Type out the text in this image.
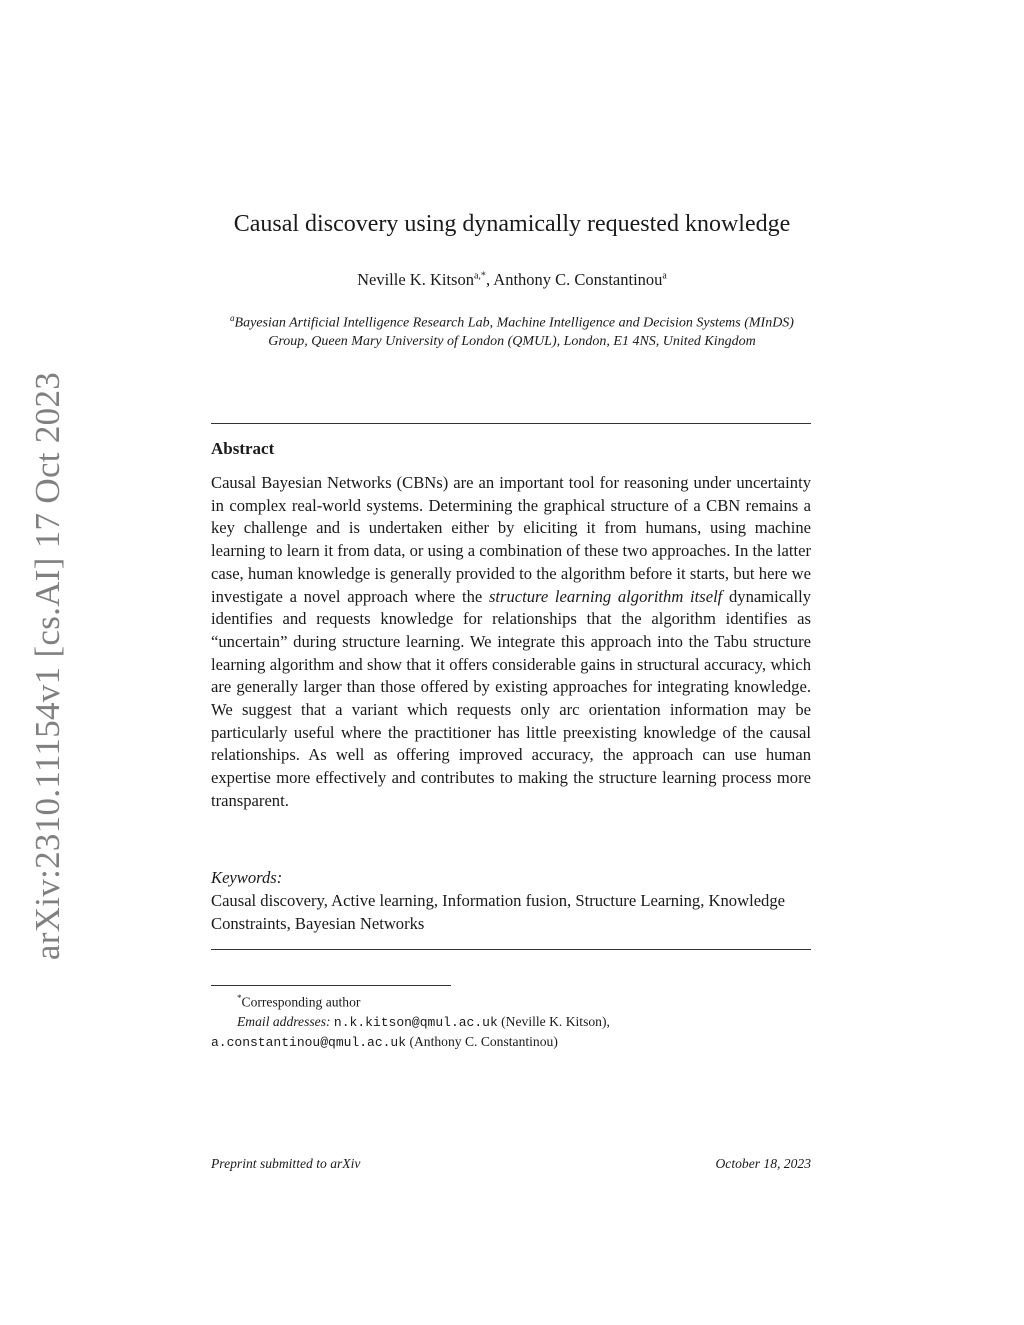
arXiv:2310.11154v1 [cs.AI] 17 Oct 2023
Causal discovery using dynamically requested knowledge
Neville K. Kitson$^{a,*}$, Anthony C. Constantinou$^a$
$^a$Bayesian Artificial Intelligence Research Lab, Machine Intelligence and Decision Systems (MInDS) Group, Queen Mary University of London (QMUL), London, E1 4NS, United Kingdom
Abstract
Causal Bayesian Networks (CBNs) are an important tool for reasoning under uncertainty in complex real-world systems. Determining the graphical structure of a CBN remains a key challenge and is undertaken either by eliciting it from humans, using machine learning to learn it from data, or using a combination of these two approaches. In the latter case, human knowledge is generally provided to the algorithm before it starts, but here we investigate a novel approach where the structure learning algorithm itself dynamically identifies and requests knowledge for relationships that the algorithm identifies as “uncertain” during structure learning. We integrate this approach into the Tabu structure learning algorithm and show that it offers considerable gains in structural accuracy, which are generally larger than those offered by existing approaches for integrating knowledge. We suggest that a variant which requests only arc orientation information may be particularly useful where the practitioner has little preexisting knowledge of the causal relationships. As well as offering improved accuracy, the approach can use human expertise more effectively and contributes to making the structure learning process more transparent.
Keywords:
Causal discovery, Active learning, Information fusion, Structure Learning, Knowledge Constraints, Bayesian Networks
*Corresponding author
Email addresses: n.k.kitson@qmul.ac.uk (Neville K. Kitson),
a.constantinou@qmul.ac.uk (Anthony C. Constantinou)
Preprint submitted to arXiv	October 18, 2023
